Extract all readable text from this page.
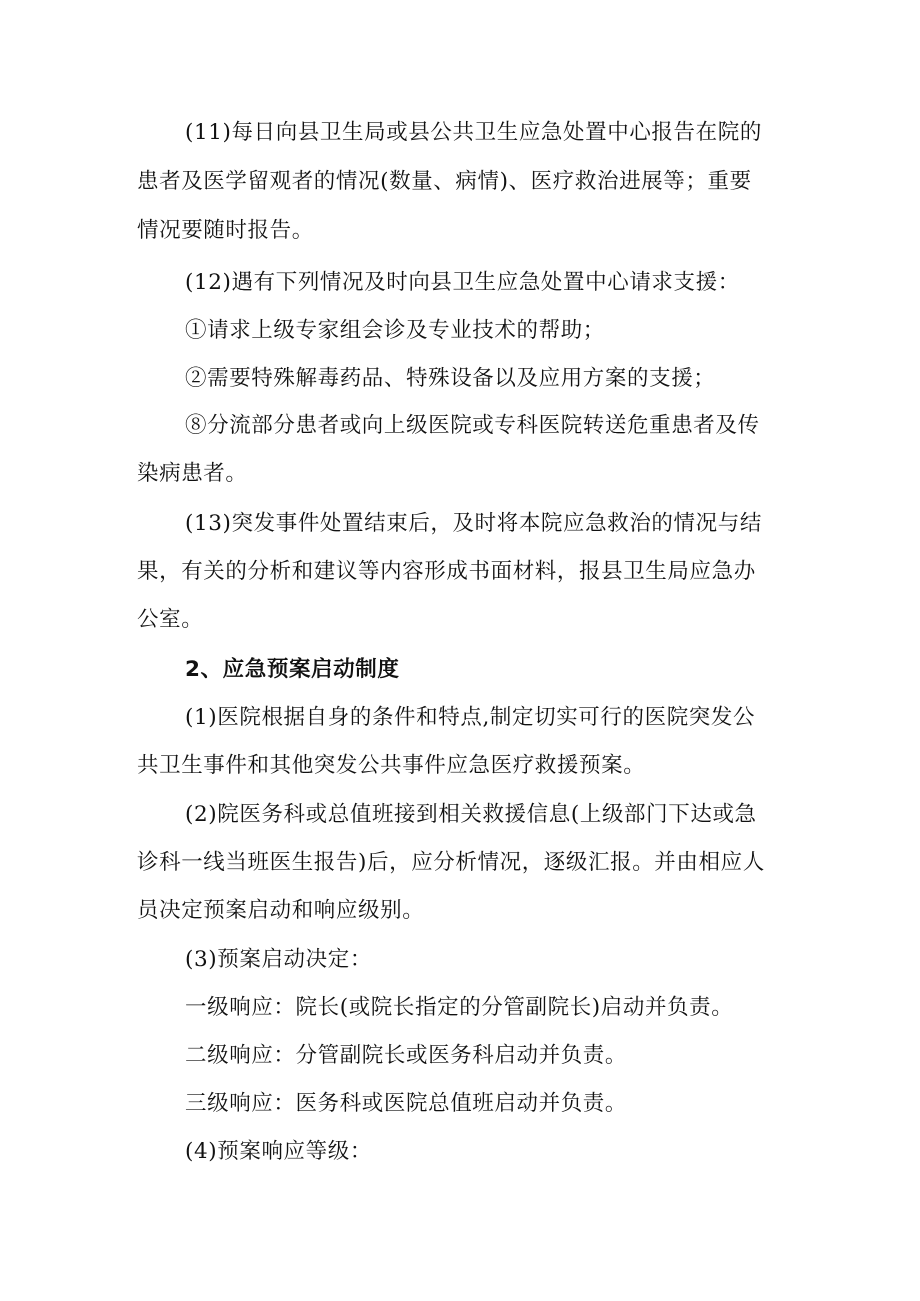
(11)每日向县卫生局或县公共卫生应急处置中心报告在院的

患者及医学留观者的情况(数量、病情)、医疗救治进展等；重要

情况要随时报告。

(12)遇有下列情况及时向县卫生应急处置中心请求支援：

①请求上级专家组会诊及专业技术的帮助；

②需要特殊解毒药品、特殊设备以及应用方案的支援；

⑧分流部分患者或向上级医院或专科医院转送危重患者及传

染病患者。

(13)突发事件处置结束后，及时将本院应急救治的情况与结

果，有关的分析和建议等内容形成书面材料，报县卫生局应急办

公室。

2、应急预案启动制度

(1)医院根据自身的条件和特点,制定切实可行的医院突发公

共卫生事件和其他突发公共事件应急医疗救援预案。

(2)院医务科或总值班接到相关救援信息(上级部门下达或急

诊科一线当班医生报告)后，应分析情况，逐级汇报。并由相应人

员决定预案启动和响应级别。

(3)预案启动决定：

一级响应：院长(或院长指定的分管副院长)启动并负责。

二级响应：分管副院长或医务科启动并负责。

三级响应：医务科或医院总值班启动并负责。

(4)预案响应等级：
